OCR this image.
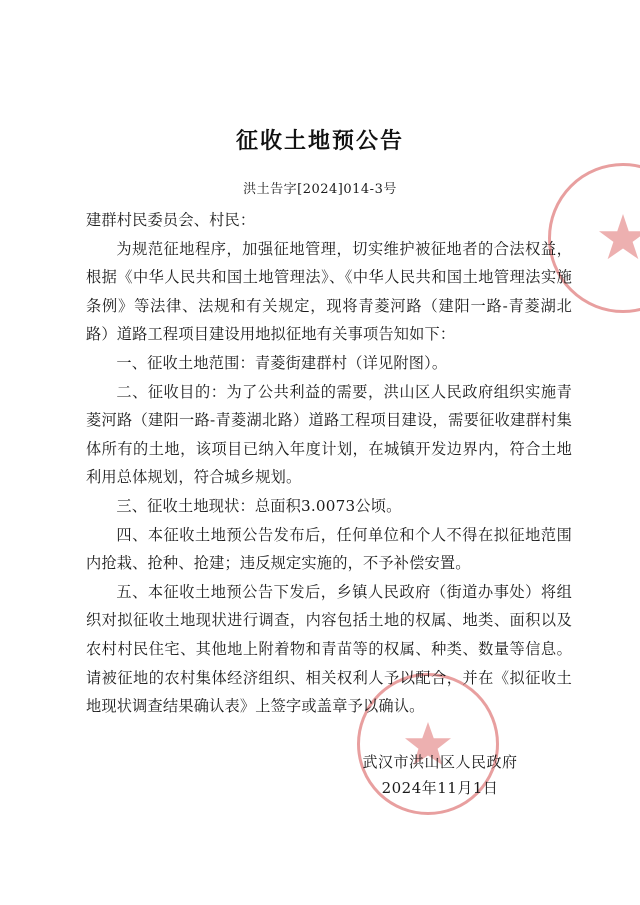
征收土地预公告
洪土告字[2024]014-3号

建群村民委员会、村民：

为规范征地程序，加强征地管理，切实维护被征地者的合法权益，根据《中华人民共和国土地管理法》、《中华人民共和国土地管理法实施条例》等法律、法规和有关规定，现将青菱河路（建阳一路-青菱湖北路）道路工程项目建设用地拟征地有关事项告知如下：

一、征收土地范围：青菱街建群村（详见附图）。

二、征收目的：为了公共利益的需要，洪山区人民政府组织实施青菱河路（建阳一路-青菱湖北路）道路工程项目建设，需要征收建群村集体所有的土地，该项目已纳入年度计划，在城镇开发边界内，符合土地利用总体规划，符合城乡规划。

三、征收土地现状：总面积3.0073公顷。

四、本征收土地预公告发布后，任何单位和个人不得在拟征地范围内抢栽、抢种、抢建；违反规定实施的，不予补偿安置。

五、本征收土地预公告下发后，乡镇人民政府（街道办事处）将组织对拟征收土地现状进行调查，内容包括土地的权属、地类、面积以及农村村民住宅、其他地上附着物和青苗等的权属、种类、数量等信息。请被征地的农村集体经济组织、相关权利人予以配合，并在《拟征收土地现状调查结果确认表》上签字或盖章予以确认。

武汉市洪山区人民政府
2024年11月1日
